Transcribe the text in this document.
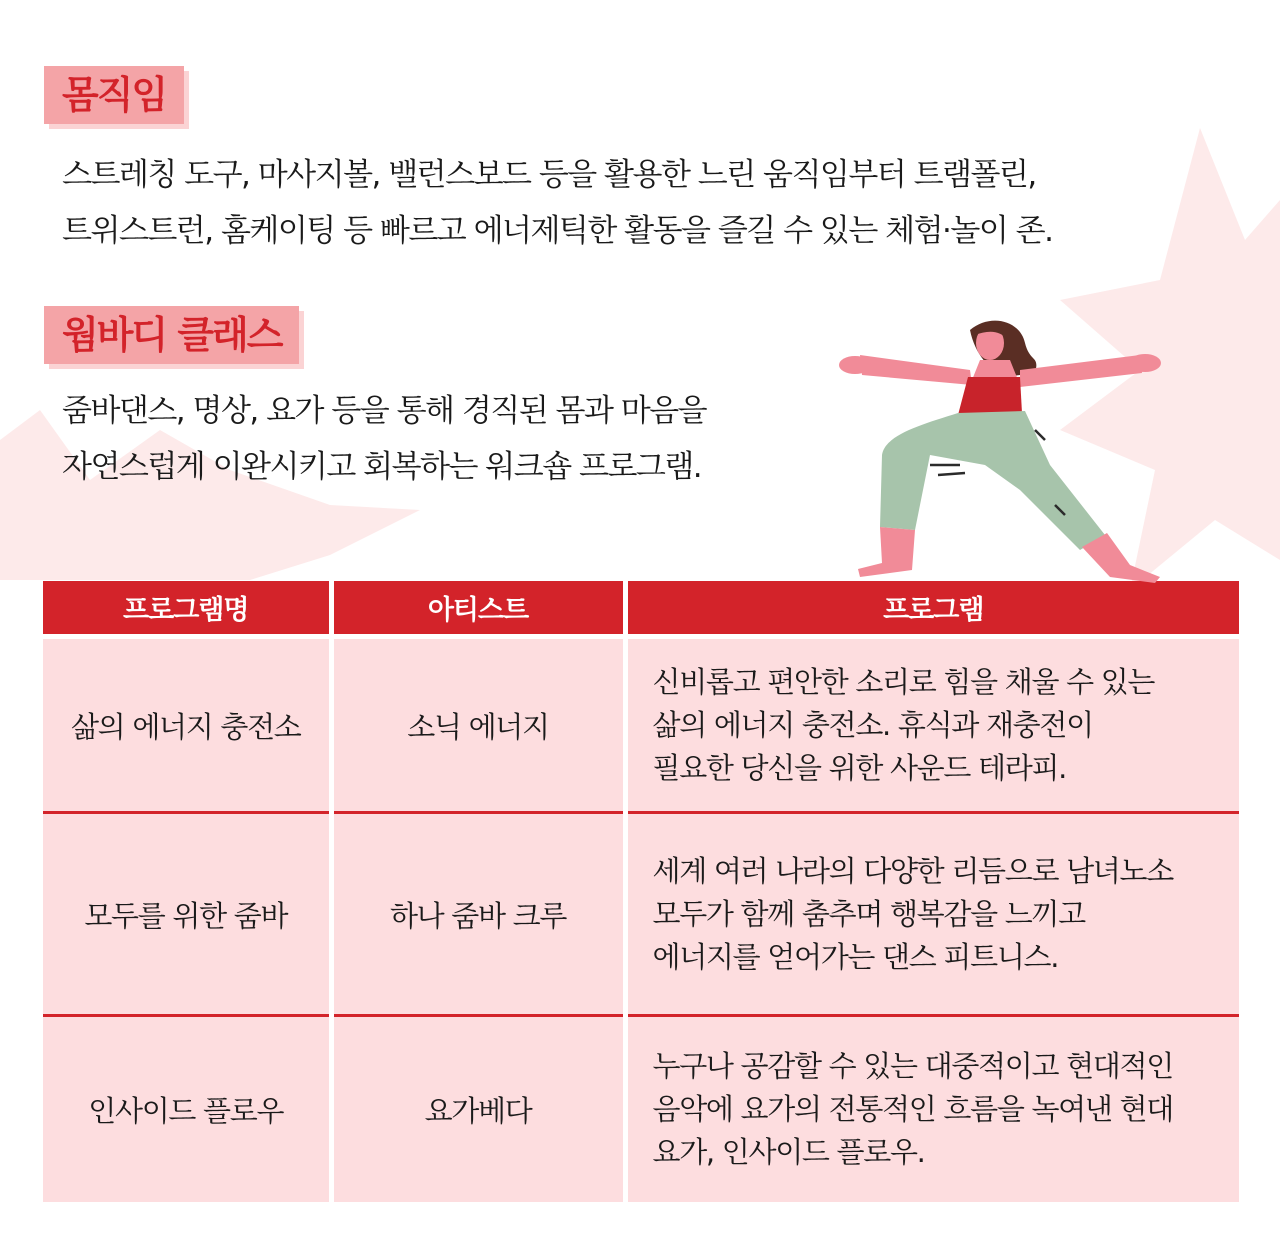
몸직임

스트레칭 도구, 마사지볼, 밸런스보드 등을 활용한 느린 움직임부터 트램폴린,
트위스트런, 홈케이팅 등 빠르고 에너제틱한 활동을 즐길 수 있는 체험·놀이 존.

웜바디 클래스

줌바댄스, 명상, 요가 등을 통해 경직된 몸과 마음을
자연스럽게 이완시키고 회복하는 워크숍 프로그램.

프로그램명	아티스트	프로그램
삶의 에너지 충전소	소닉 에너지	신비롭고 편안한 소리로 힘을 채울 수 있는
삶의 에너지 충전소. 휴식과 재충전이
필요한 당신을 위한 사운드 테라피.

모두를 위한 줌바	하나 줌바 크루	세계 여러 나라의 다양한 리듬으로 남녀노소
모두가 함께 춤추며 행복감을 느끼고
에너지를 얻어가는 댄스 피트니스.

인사이드 플로우	요가베다	누구나 공감할 수 있는 대중적이고 현대적인
음악에 요가의 전통적인 흐름을 녹여낸 현대
요가, 인사이드 플로우.
